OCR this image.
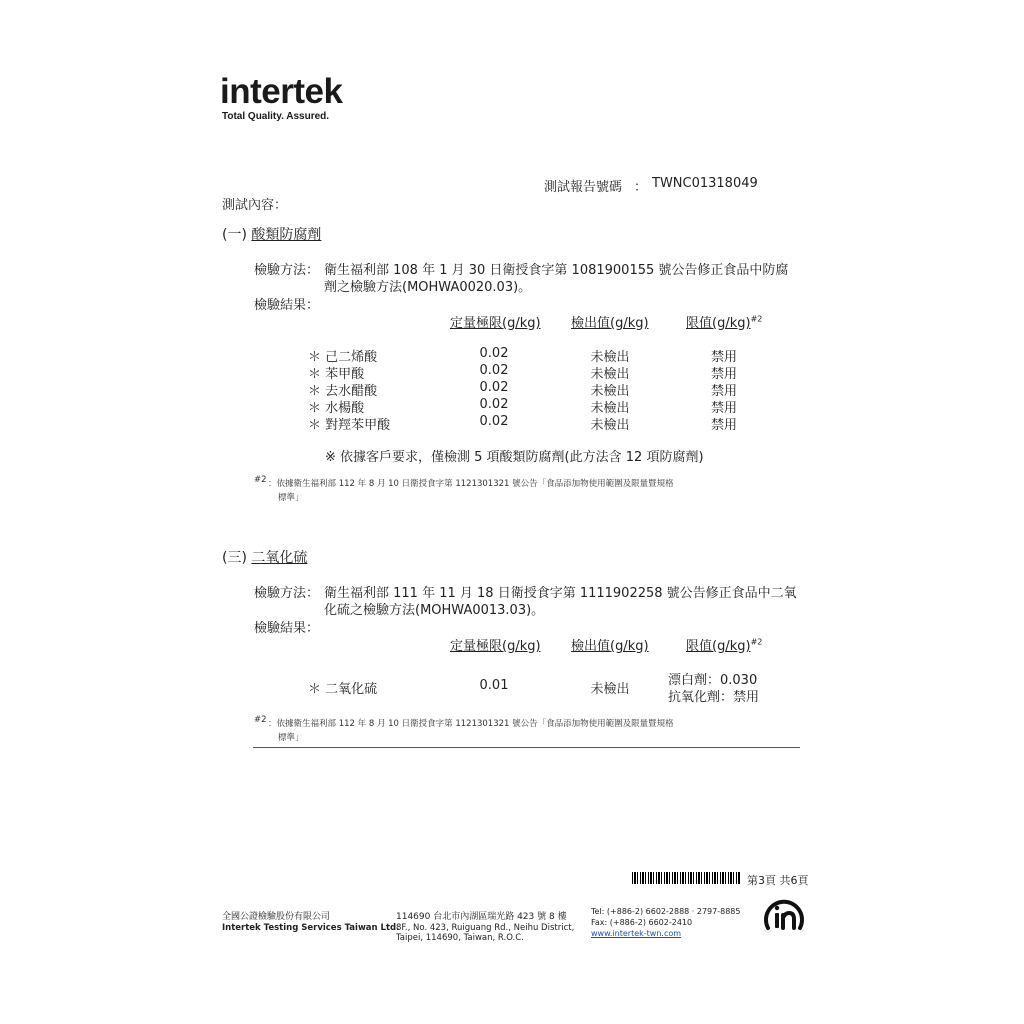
intertek
Total Quality. Assured.
測試報告號碼 ： TWNC01318049
測試內容：
(一) 酸類防腐劑
檢驗方法： 衛生福利部 108 年 1 月 30 日衛授食字第 1081900155 號公告修正食品中防腐
劑之檢驗方法(MOHWA0020.03)。
檢驗結果：
定量極限(g/kg) 檢出值(g/kg)	限值$(g/kg)^{\#2}$
＊ 己二烯酸	0.02	未檢出	禁用
＊ 苯甲酸	0.02	未檢出	禁用
＊ 去水醋酸	0.02	未檢出	禁用
＊ 水楊酸	0.02	未檢出	禁用
＊ 對羥苯甲酸	0.02	未檢出	禁用
※ 依據客戶要求，僅檢測 5 項酸類防腐劑(此方法含 12 項防腐劑)
#2 ：依據衛生福利部 112 年 8 月 10 日衛授食字第 1121301321 號公告「食品添加物使用範圍及限量暨規格
標準」
(三) 二氧化硫
檢驗方法： 衛生福利部 111 年 11 月 18 日衛授食字第 1111902258 號公告修正食品中二氧
化硫之檢驗方法(MOHWA0013.03)。
檢驗結果：
定量極限(g/kg) 檢出值(g/kg)	限值$(g/kg)^{\#2}$
＊ 二氧化硫	0.01	未檢出
漂白劑：0.030
抗氧化劑：禁用
#2 ：依據衛生福利部 112 年 8 月 10 日衛授食字第 1121301321 號公告「食品添加物使用範圍及限量暨規格
標準」
第3頁 共6頁
全國公證檢驗股份有限公司
Intertek Testing Services Taiwan Ltd.
114690 台北市內湖區瑞光路 423 號 8 樓
8F., No. 423, Ruiguang Rd., Neihu District,
Taipei, 114690, Taiwan, R.O.C.
Tel: (+886-2) 6602-2888 · 2797-8885
Fax: (+886-2) 6602-2410
www.intertek-twn.com
